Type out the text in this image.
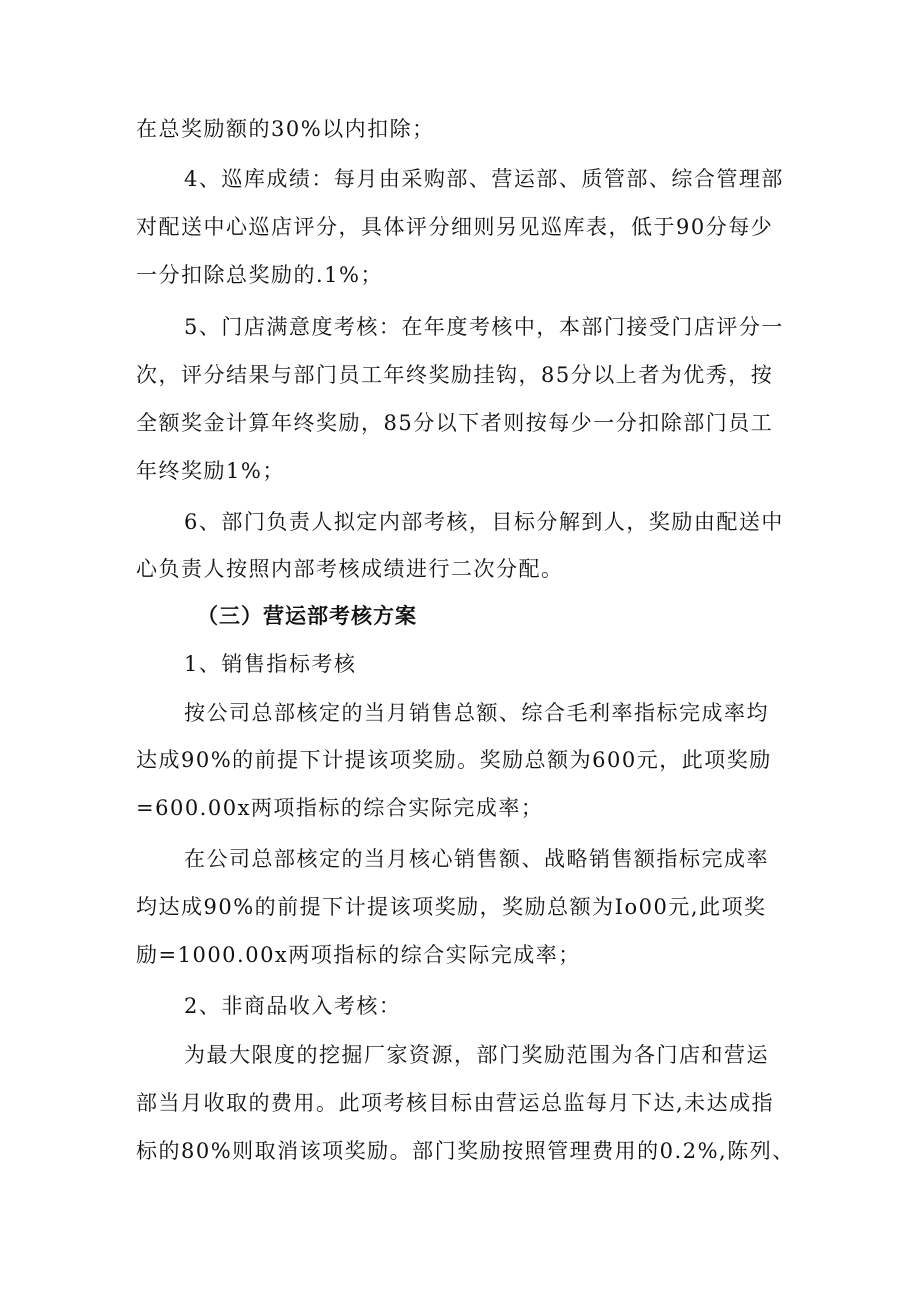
在总奖励额的30%以内扣除；
4、巡库成绩：每月由采购部、营运部、质管部、综合管理部
对配送中心巡店评分，具体评分细则另见巡库表，低于90分每少
一分扣除总奖励的.1%；
5、门店满意度考核：在年度考核中，本部门接受门店评分一
次，评分结果与部门员工年终奖励挂钩，85分以上者为优秀，按
全额奖金计算年终奖励，85分以下者则按每少一分扣除部门员工
年终奖励1%；
6、部门负责人拟定内部考核，目标分解到人，奖励由配送中
心负责人按照内部考核成绩进行二次分配。
（三）营运部考核方案
1、销售指标考核
按公司总部核定的当月销售总额、综合毛利率指标完成率均
达成90%的前提下计提该项奖励。奖励总额为600元，此项奖励
=600.00x两项指标的综合实际完成率；
在公司总部核定的当月核心销售额、战略销售额指标完成率
均达成90%的前提下计提该项奖励，奖励总额为Io00元,此项奖
励=1000.00x两项指标的综合实际完成率；
2、非商品收入考核：
为最大限度的挖掘厂家资源，部门奖励范围为各门店和营运
部当月收取的费用。此项考核目标由营运总监每月下达,未达成指
标的80%则取消该项奖励。部门奖励按照管理费用的0.2%,陈列、
